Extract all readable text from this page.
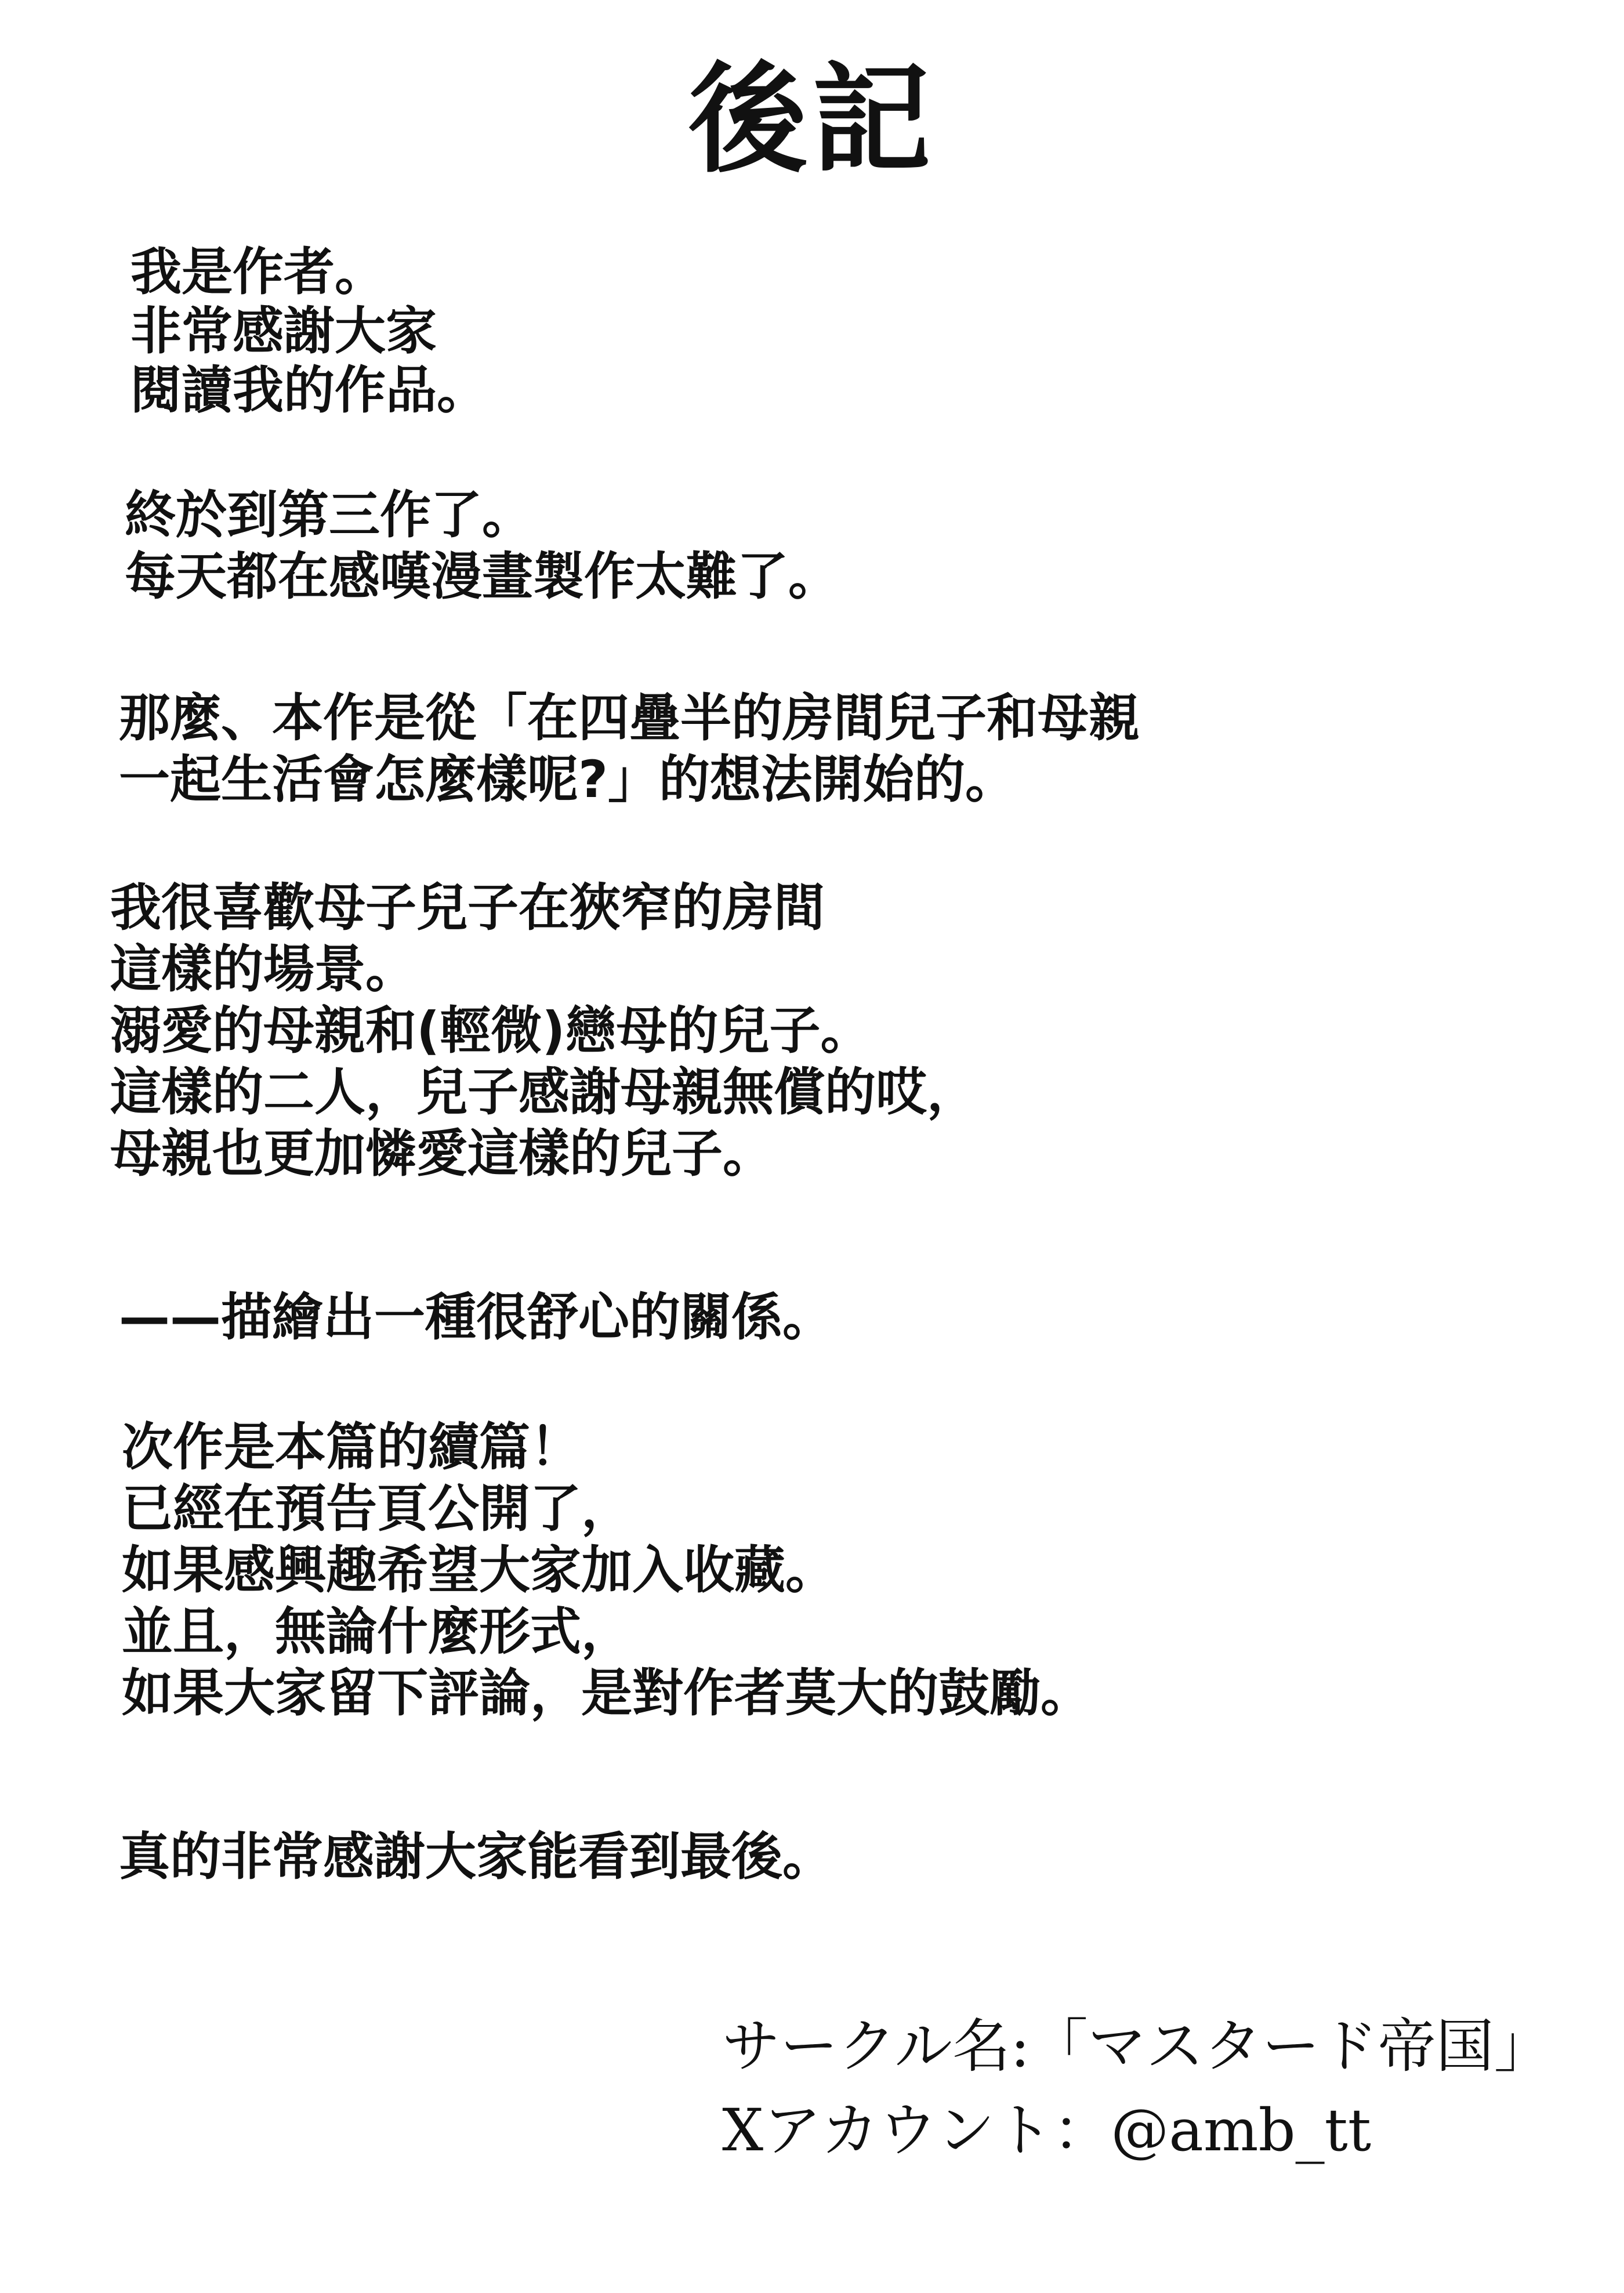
後記
我是作者。
非常感謝大家
閱讀我的作品。
終於到第三作了。
每天都在感嘆漫畫製作太難了。
那麼、本作是從「在四疊半的房間兒子和母親
一起生活會怎麼樣呢?」的想法開始的。
我很喜歡母子兒子在狹窄的房間
這樣的場景。
溺愛的母親和(輕微)戀母的兒子。
這樣的二人，兒子感謝母親無償的哎，
母親也更加憐愛這樣的兒子。
——描繪出一種很舒心的關係。
次作是本篇的續篇！
已經在預告頁公開了，
如果感興趣希望大家加入收藏。
並且，無論什麼形式，
如果大家留下評論，是對作者莫大的鼓勵。
真的非常感謝大家能看到最後。
サークル名:「マスタード帝国」
Xアカウント：@amb_tt
